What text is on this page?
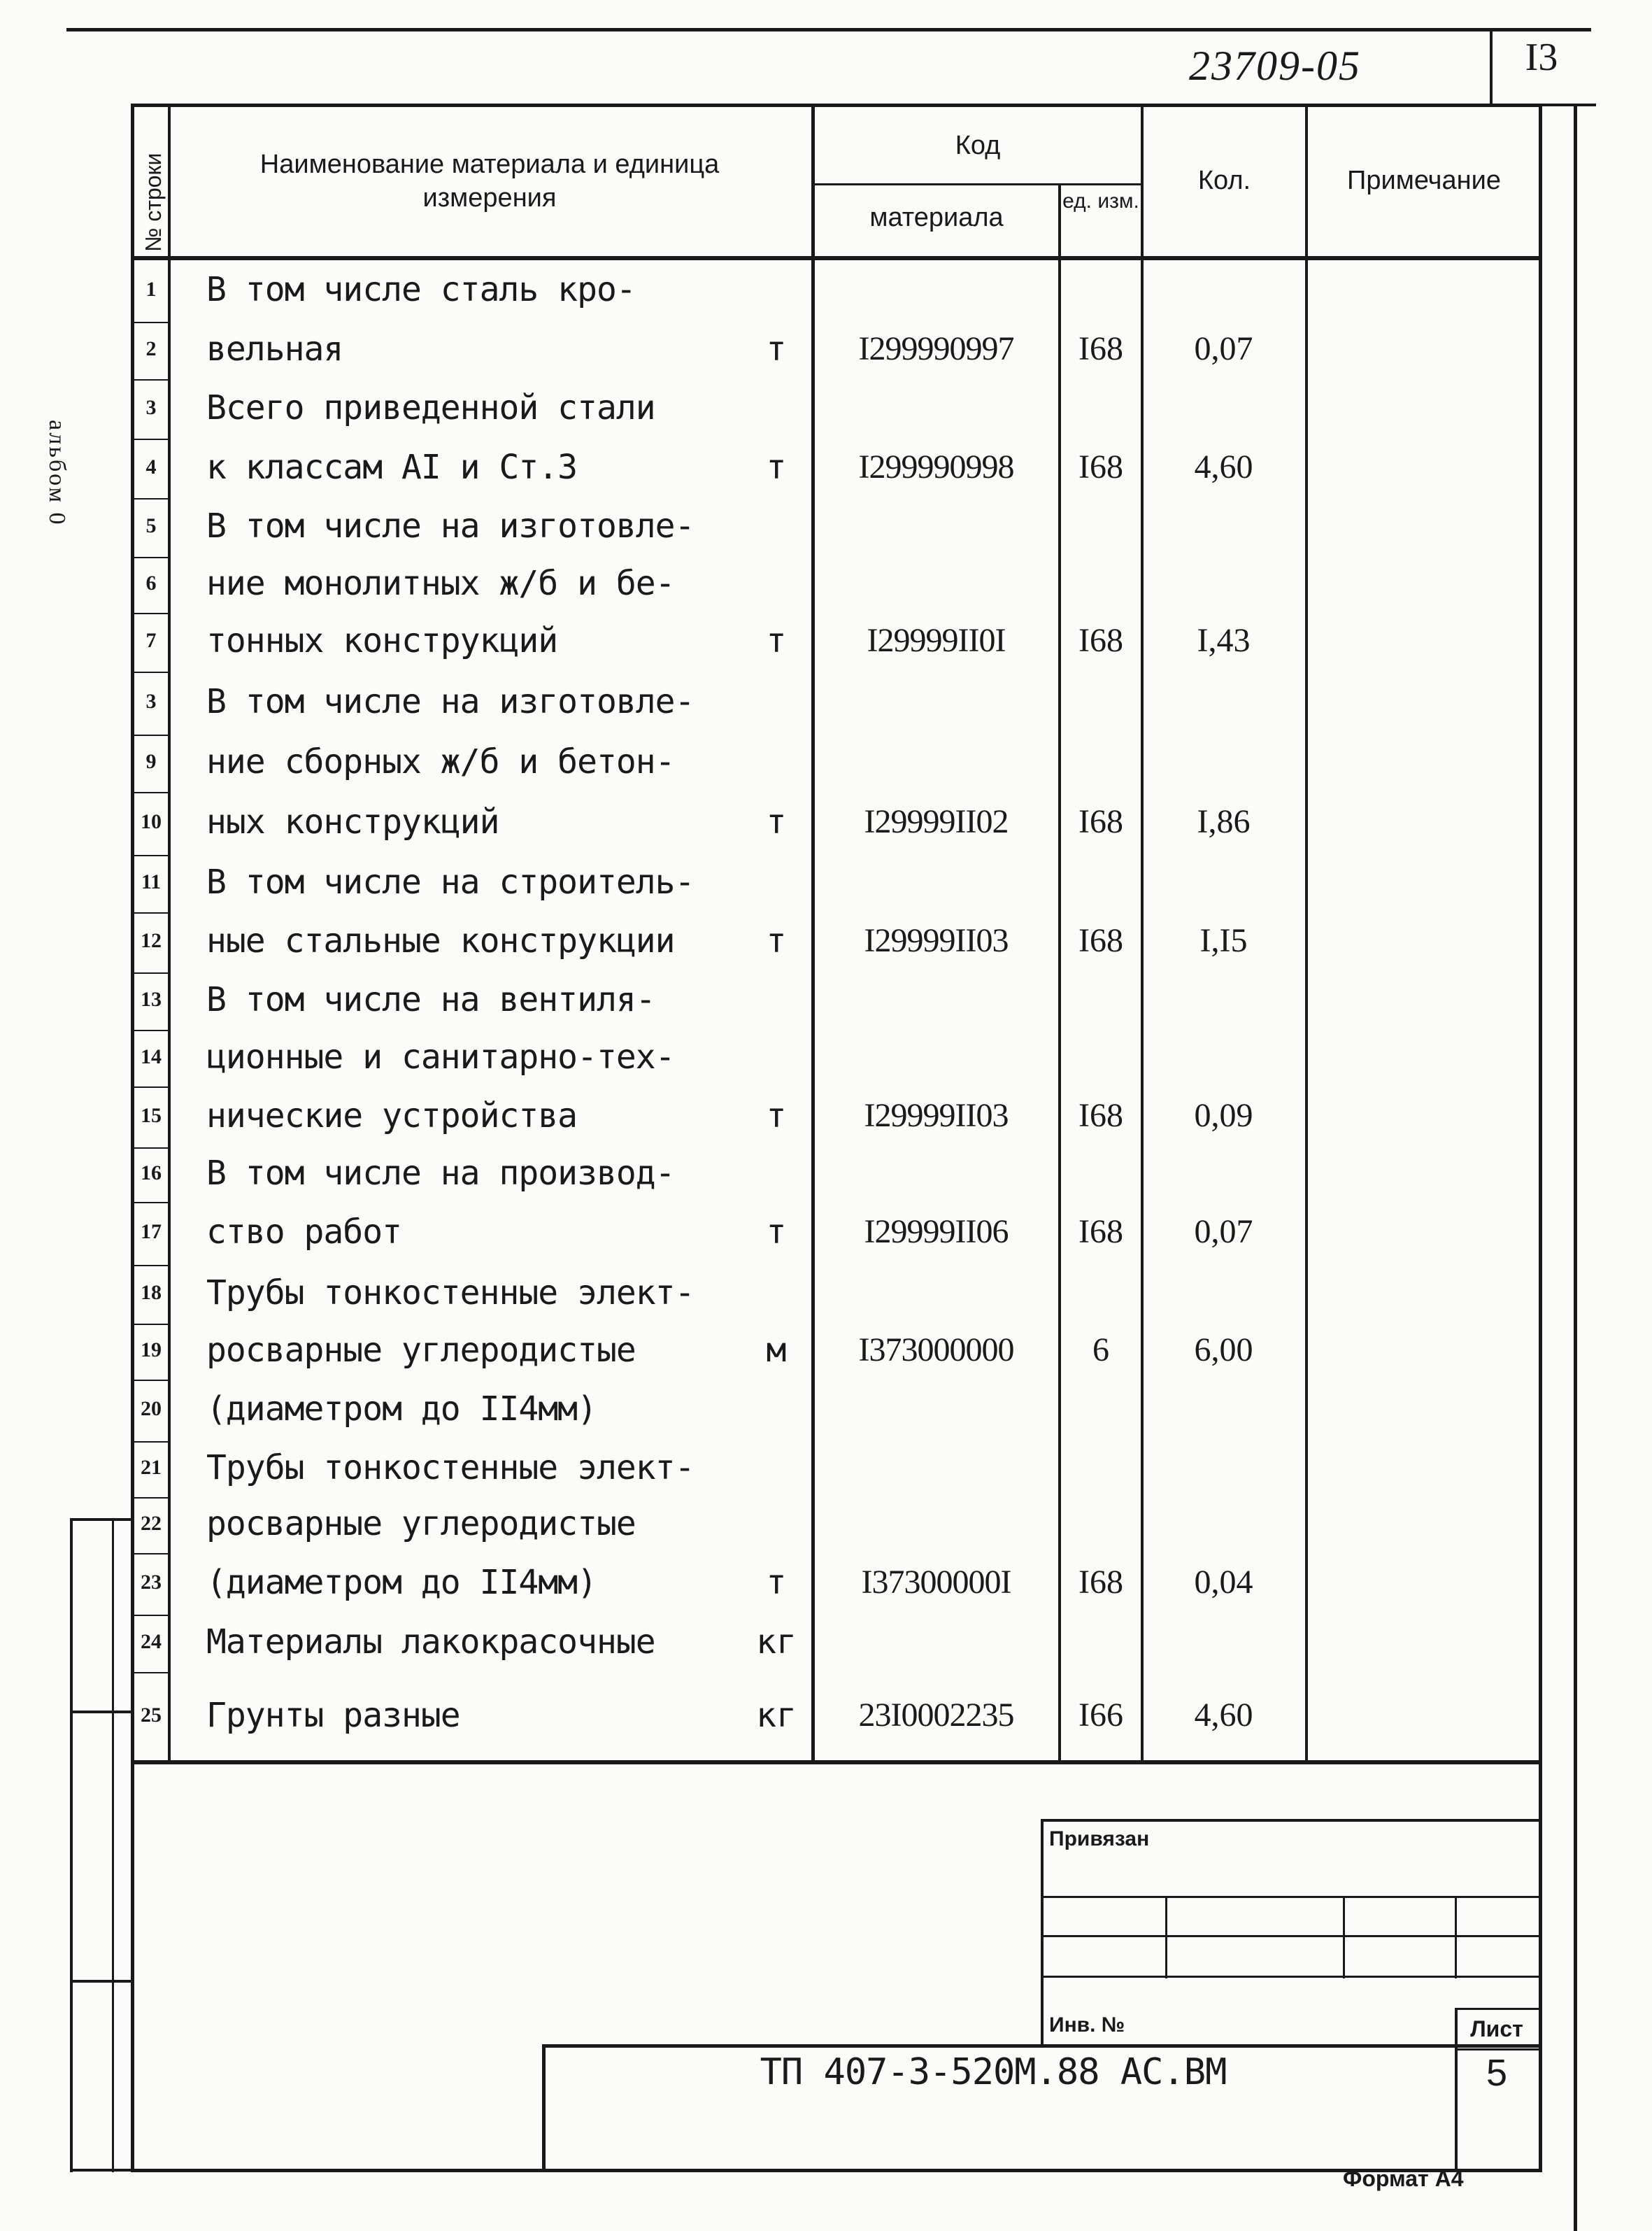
23709-05	I3
альбом 0
№ строки	Наименование материала и единица измерения
Код
материала
ед. изм.
Кол.	Примечание
1	В том числе сталь кро-
2	вельная	т	I299990997	I68	0,07
3	Всего приведенной стали
4	к классам AI и Ст.3	т	I299990998	I68	4,60
5	В том числе на изготовле-
6	ние монолитных ж/б и бе-
7	тонных конструкций	т	I29999II0I	I68	I,43
3	В том числе на изготовле-
9	ние сборных ж/б и бетон-
10 ных конструкций	т	I29999II02	I68	I,86
11 В том числе на строитель-
12 ные стальные конструкции	т	I29999II03	I68	I,I5
13 В том числе на вентиля-
14 ционные и санитарно-тех-
15 нические устройства	т	I29999II03	I68	0,09
16 В том числе на производ-
17 ство работ	т	I29999II06	I68	0,07
18 Трубы тонкостенные элект-
19 росварные углеродистые	м	I373000000	6	6,00
20 (диаметром до II4мм)
21 Трубы тонкостенные элект-
22 росварные углеродистые
23 (диаметром до II4мм)	т	I37300000I	I68	0,04
24 Материалы лакокрасочные	кг
25 Грунты разные	кг	23I0002235	I66	4,60
Привязан
Инв. №
ТП 407-3-520М.88 АС.ВМ
Лист
5
Формат А4
